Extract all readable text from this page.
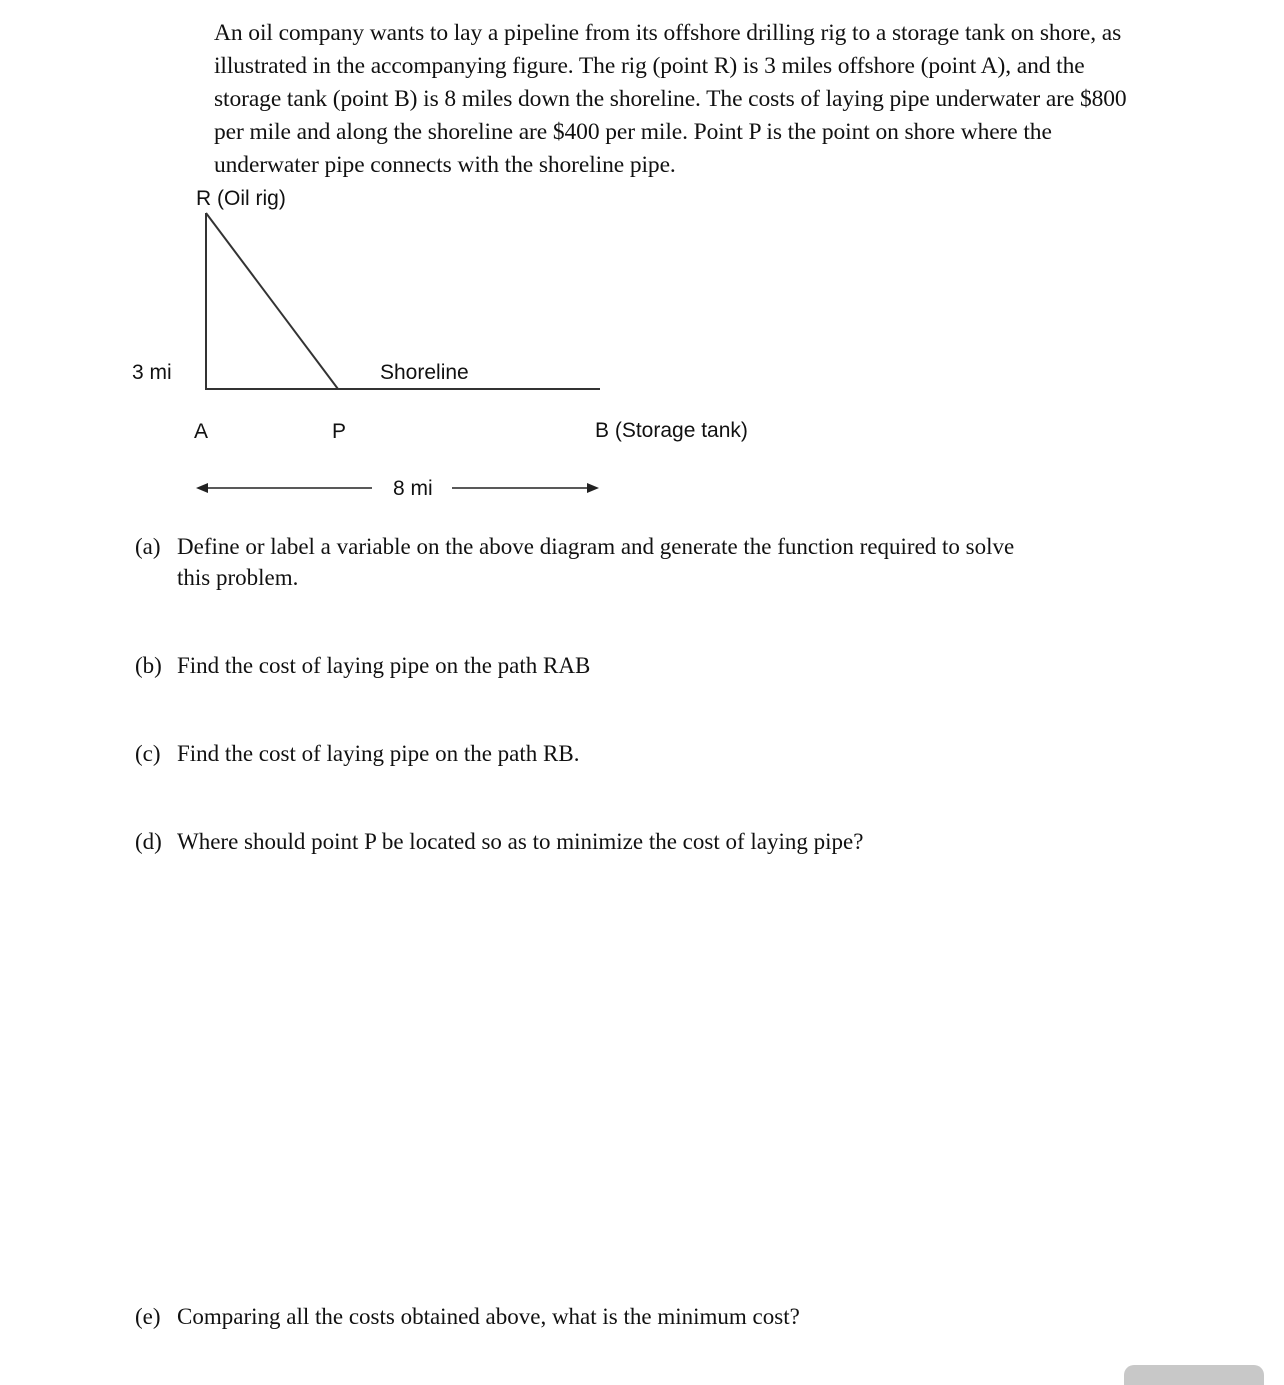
An oil company wants to lay a pipeline from its offshore drilling rig to a storage tank on shore, as
illustrated in the accompanying figure. The rig (point R) is 3 miles offshore (point A), and the
storage tank (point B) is 8 miles down the shoreline. The costs of laying pipe underwater are $800
per mile and along the shoreline are $400 per mile. Point P is the point on shore where the
underwater pipe connects with the shoreline pipe.
R (Oil rig)
3 mi	Shoreline
A	P	B (Storage tank)
8 mi
(a) Define or label a variable on the above diagram and generate the function required to solve
this problem.
(b) Find the cost of laying pipe on the path RAB
(c) Find the cost of laying pipe on the path RB.
(d) Where should point P be located so as to minimize the cost of laying pipe?
(e) Comparing all the costs obtained above, what is the minimum cost?
